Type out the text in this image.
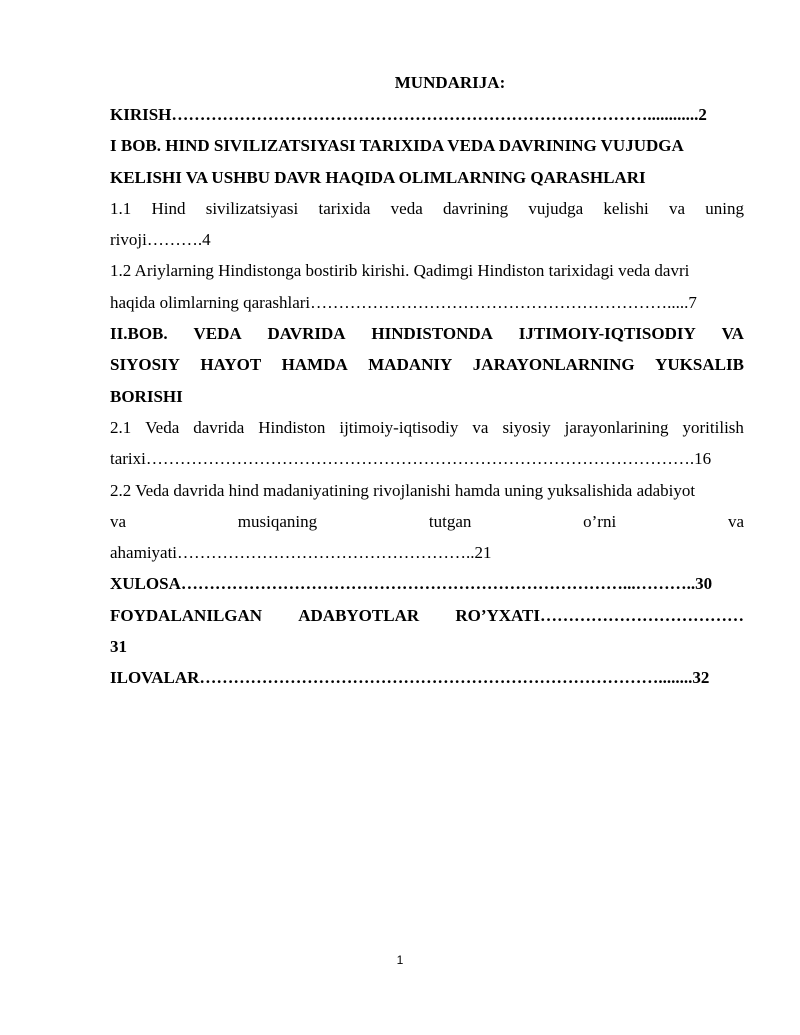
MUNDARIJA:
KIRISH…………………………………………………………………………............2
I BOB. HIND SIVILIZATSIYASI TARIXIDA VEDA DAVRINING VUJUDGA
KELISHI VA USHBU DAVR HAQIDA OLIMLARNING QARASHLARI
1.1 Hind sivilizatsiyasi tarixida veda davrining vujudga kelishi va uning
rivoji……….4
1.2 Ariylarning Hindistonga bostirib kirishi. Qadimgi Hindiston tarixidagi veda davri
haqida olimlarning qarashlari……………………………………………………….....7
II.BOB. VEDA DAVRIDA HINDISTONDA IJTIMOIY-IQTISODIY VA
SIYOSIY HAYOT HAMDA MADANIY JARAYONLARNING YUKSALIB
BORISHI
2.1 Veda davrida Hindiston ijtimoiy-iqtisodiy va siyosiy jarayonlarining yoritilish
tarixi…………………………………………………………………………………….16
2.2 Veda davrida hind madaniyatining rivojlanishi hamda uning yuksalishida adabiyot
va	musiqaning	tutgan	o’rni	va
ahamiyati……………………………………………..21
XULOSA……………………………………………………………………...………..30
FOYDALANILGAN ADABYOTLAR RO’YXATI………………………………
31
ILOVALAR………………………………………………………………………........32
1
